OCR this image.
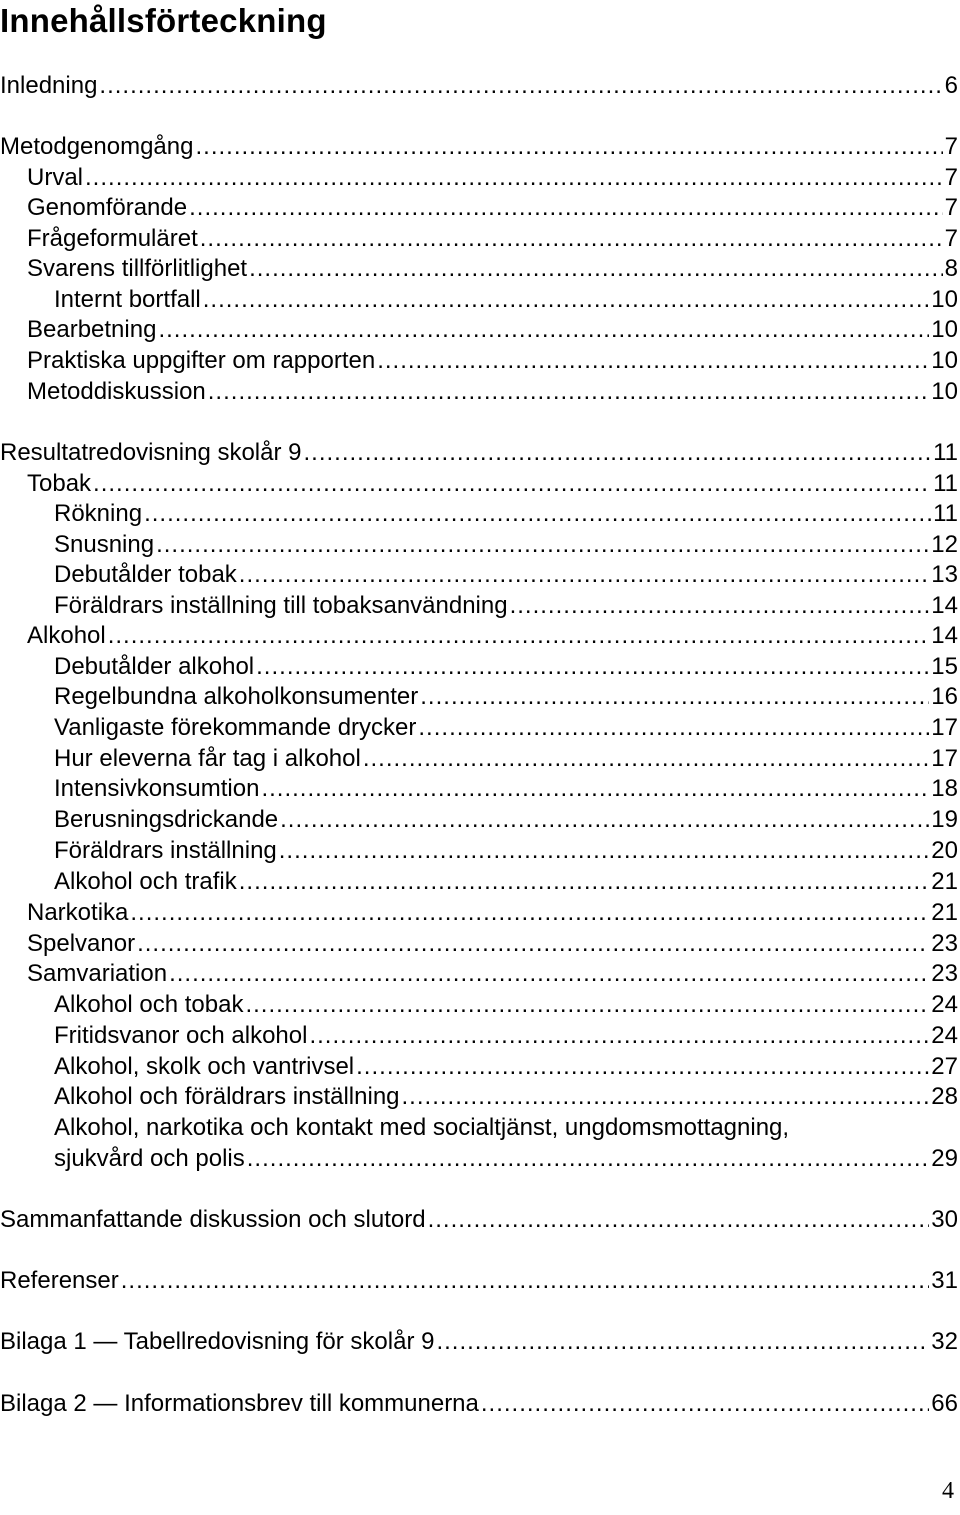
Innehållsförteckning
Inledning .....	6
Metodgenomgång .....	7
Urval .....	7
Genomförande .....	7
Frågeformuläret .....	7
Svarens tillförlitlighet .....	8
Internt bortfall .....	10
Bearbetning .....	10
Praktiska uppgifter om rapporten .....	10
Metoddiskussion .....	10
Resultatredovisning skolår 9 .....	11
Tobak .....	11
Rökning .....	11
Snusning .....	12
Debutålder tobak .....	13
Föräldrars inställning till tobaksanvändning .....	14
Alkohol .....	14
Debutålder alkohol .....	15
Regelbundna alkoholkonsumenter .....	16
Vanligaste förekommande drycker .....	17
Hur eleverna får tag i alkohol .....	17
Intensivkonsumtion .....	18
Berusningsdrickande .....	19
Föräldrars inställning .....	20
Alkohol och trafik .....	21
Narkotika .....	21
Spelvanor .....	23
Samvariation .....	23
Alkohol och tobak .....	24
Fritidsvanor och alkohol .....	24
Alkohol, skolk och vantrivsel .....	27
Alkohol och föräldrars inställning .....	28
Alkohol, narkotika och kontakt med socialtjänst, ungdomsmottagning,
sjukvård och polis .....	29
Sammanfattande diskussion och slutord .....	30
Referenser .....	31
Bilaga 1 — Tabellredovisning för skolår 9 .....	32
Bilaga 2 — Informationsbrev till kommunerna .....	66
4
